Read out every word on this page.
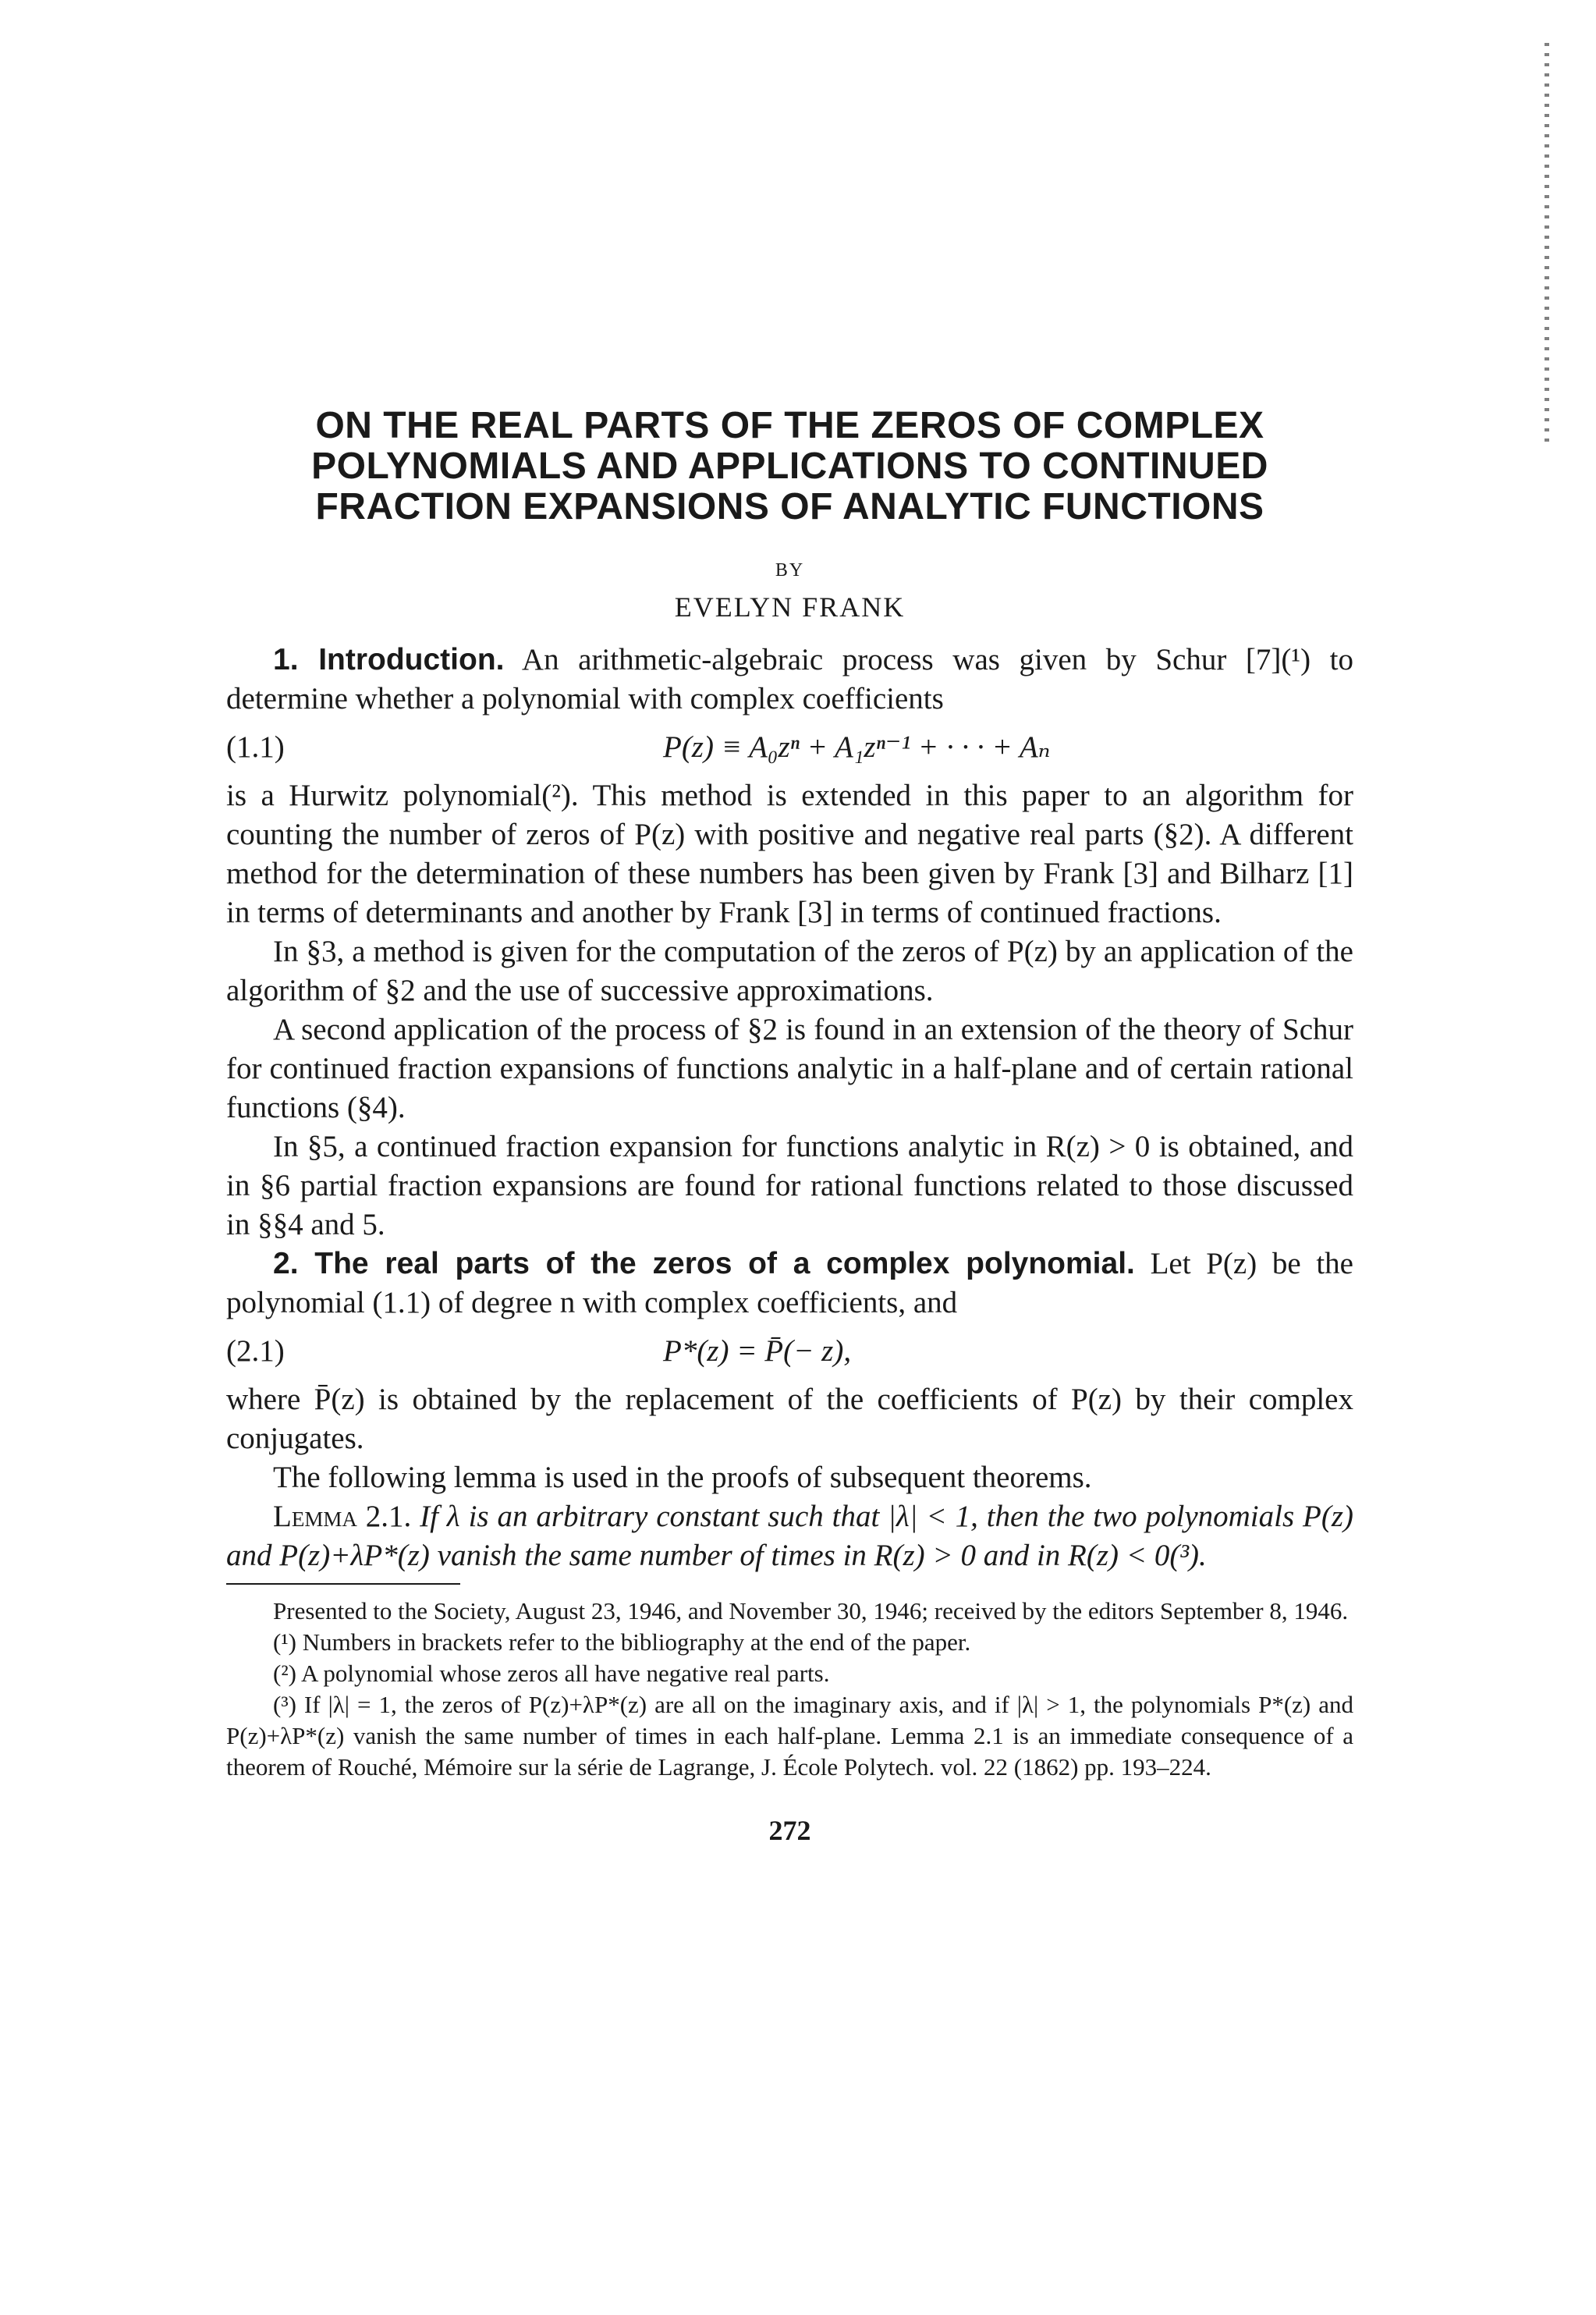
ON THE REAL PARTS OF THE ZEROS OF COMPLEX
POLYNOMIALS AND APPLICATIONS TO CONTINUED
FRACTION EXPANSIONS OF ANALYTIC FUNCTIONS
BY
EVELYN FRANK

1. Introduction. An arithmetic-algebraic process was given by Schur [7](¹) to determine whether a polynomial with complex coefficients

(1.1)	P(z) ≡ A₀zⁿ + A₁zⁿ⁻¹ + · · · + Aₙ

is a Hurwitz polynomial(²). This method is extended in this paper to an algorithm for counting the number of zeros of P(z) with positive and negative real parts (§2). A different method for the determination of these numbers has been given by Frank [3] and Bilharz [1] in terms of determinants and another by Frank [3] in terms of continued fractions.

In §3, a method is given for the computation of the zeros of P(z) by an application of the algorithm of §2 and the use of successive approximations.

A second application of the process of §2 is found in an extension of the theory of Schur for continued fraction expansions of functions analytic in a half-plane and of certain rational functions (§4).

In §5, a continued fraction expansion for functions analytic in R(z) > 0 is obtained, and in §6 partial fraction expansions are found for rational functions related to those discussed in §§4 and 5.

2. The real parts of the zeros of a complex polynomial. Let P(z) be the polynomial (1.1) of degree n with complex coefficients, and

(2.1)	P*(z) = P̄(− z),

where P̄(z) is obtained by the replacement of the coefficients of P(z) by their complex conjugates.

The following lemma is used in the proofs of subsequent theorems.

Lemma 2.1. If λ is an arbitrary constant such that |λ| < 1, then the two polynomials P(z) and P(z)+λP*(z) vanish the same number of times in R(z) > 0 and in R(z) < 0(³).

Presented to the Society, August 23, 1946, and November 30, 1946; received by the editors September 8, 1946.

(¹) Numbers in brackets refer to the bibliography at the end of the paper.

(²) A polynomial whose zeros all have negative real parts.

(³) If |λ| = 1, the zeros of P(z)+λP*(z) are all on the imaginary axis, and if |λ| > 1, the polynomials P*(z) and P(z)+λP*(z) vanish the same number of times in each half-plane. Lemma 2.1 is an immediate consequence of a theorem of Rouché, Mémoire sur la série de Lagrange, J. École Polytech. vol. 22 (1862) pp. 193–224.

272
